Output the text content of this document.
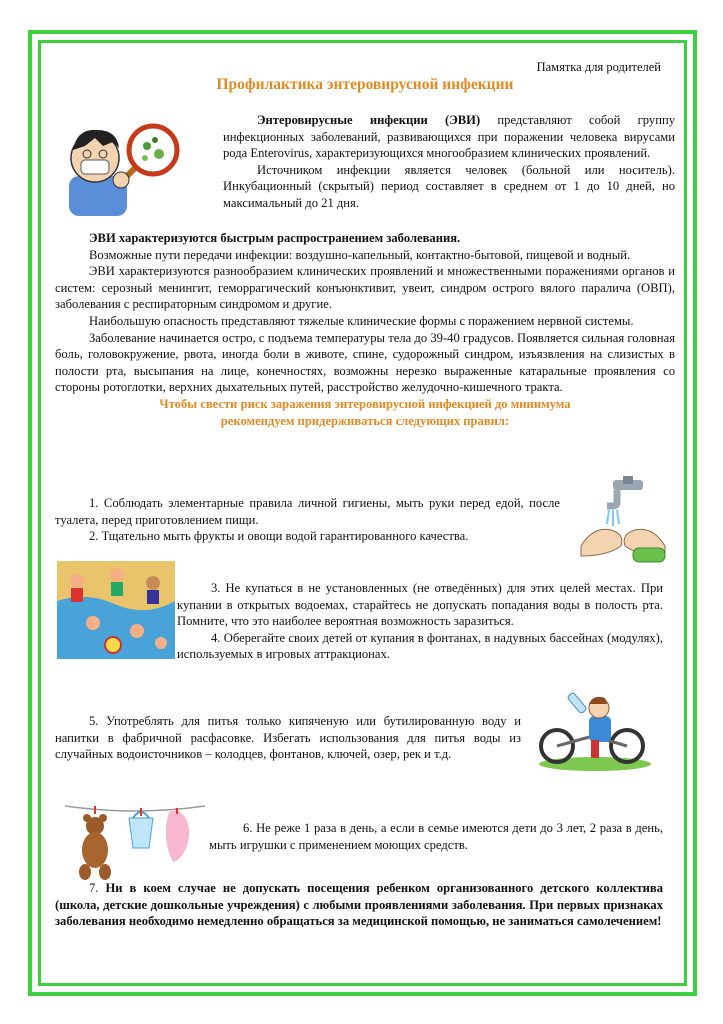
Памятка для родителей
Профилактика энтеровирусной инфекции

Энтеровирусные инфекции (ЭВИ) представляют собой группу инфекционных заболеваний, развивающихся при поражении человека вирусами рода Enterovirus, характеризующихся многообразием клинических проявлений.

Источником инфекции является человек (больной или носитель). Инкубационный (скрытый) период составляет в среднем от 1 до 10 дней, но максимальный до 21 дня.

ЭВИ характеризуются быстрым распространением заболевания.

Возможные пути передачи инфекции: воздушно-капельный, контактно-бытовой, пищевой и водный.

ЭВИ характеризуются разнообразием клинических проявлений и множественными поражениями органов и систем: серозный менингит, геморрагический конъюнктивит, увеит, синдром острого вялого паралича (ОВП), заболевания с респираторным синдромом и другие.

Наибольшую опасность представляют тяжелые клинические формы с поражением нервной системы.

Заболевание начинается остро, с подъема температуры тела до 39-40 градусов. Появляется сильная головная боль, головокружение, рвота, иногда боли в животе, спине, судорожный синдром, изъязвления на слизистых в полости рта, высыпания на лице, конечностях, возможны нерезко выраженные катаральные проявления со стороны ротоглотки, верхних дыхательных путей, расстройство желудочно-кишечного тракта.

Чтобы свести риск заражения энтеровирусной инфекцией до минимума

рекомендуем придерживаться следующих правил:

1. Соблюдать элементарные правила личной гигиены, мыть руки перед едой, после туалета, перед приготовлением пищи.

2. Тщательно мыть фрукты и овощи водой гарантированного качества.

3. Не купаться в не установленных (не отведённых) для этих целей местах. При купании в открытых водоемах, старайтесь не допускать попадания воды в полость рта. Помните, что это наиболее вероятная возможность заразиться.

4. Оберегайте своих детей от купания в фонтанах, в надувных бассейнах (модулях), используемых в игровых аттракционах.

5. Употреблять для питья только кипяченую или бутилированную воду и напитки в фабричной расфасовке. Избегать использования для питья воды из случайных водоисточников – колодцев, фонтанов, ключей, озер, рек и т.д.

6. Не реже 1 раза в день, а если в семье имеются дети до 3 лет, 2 раза в день, мыть игрушки с применением моющих средств.

7. Ни в коем случае не допускать посещения ребенком организованного детского коллектива (школа, детские дошкольные учреждения) с любыми проявлениями заболевания. При первых признаках заболевания необходимо немедленно обращаться за медицинской помощью, не заниматься самолечением!
